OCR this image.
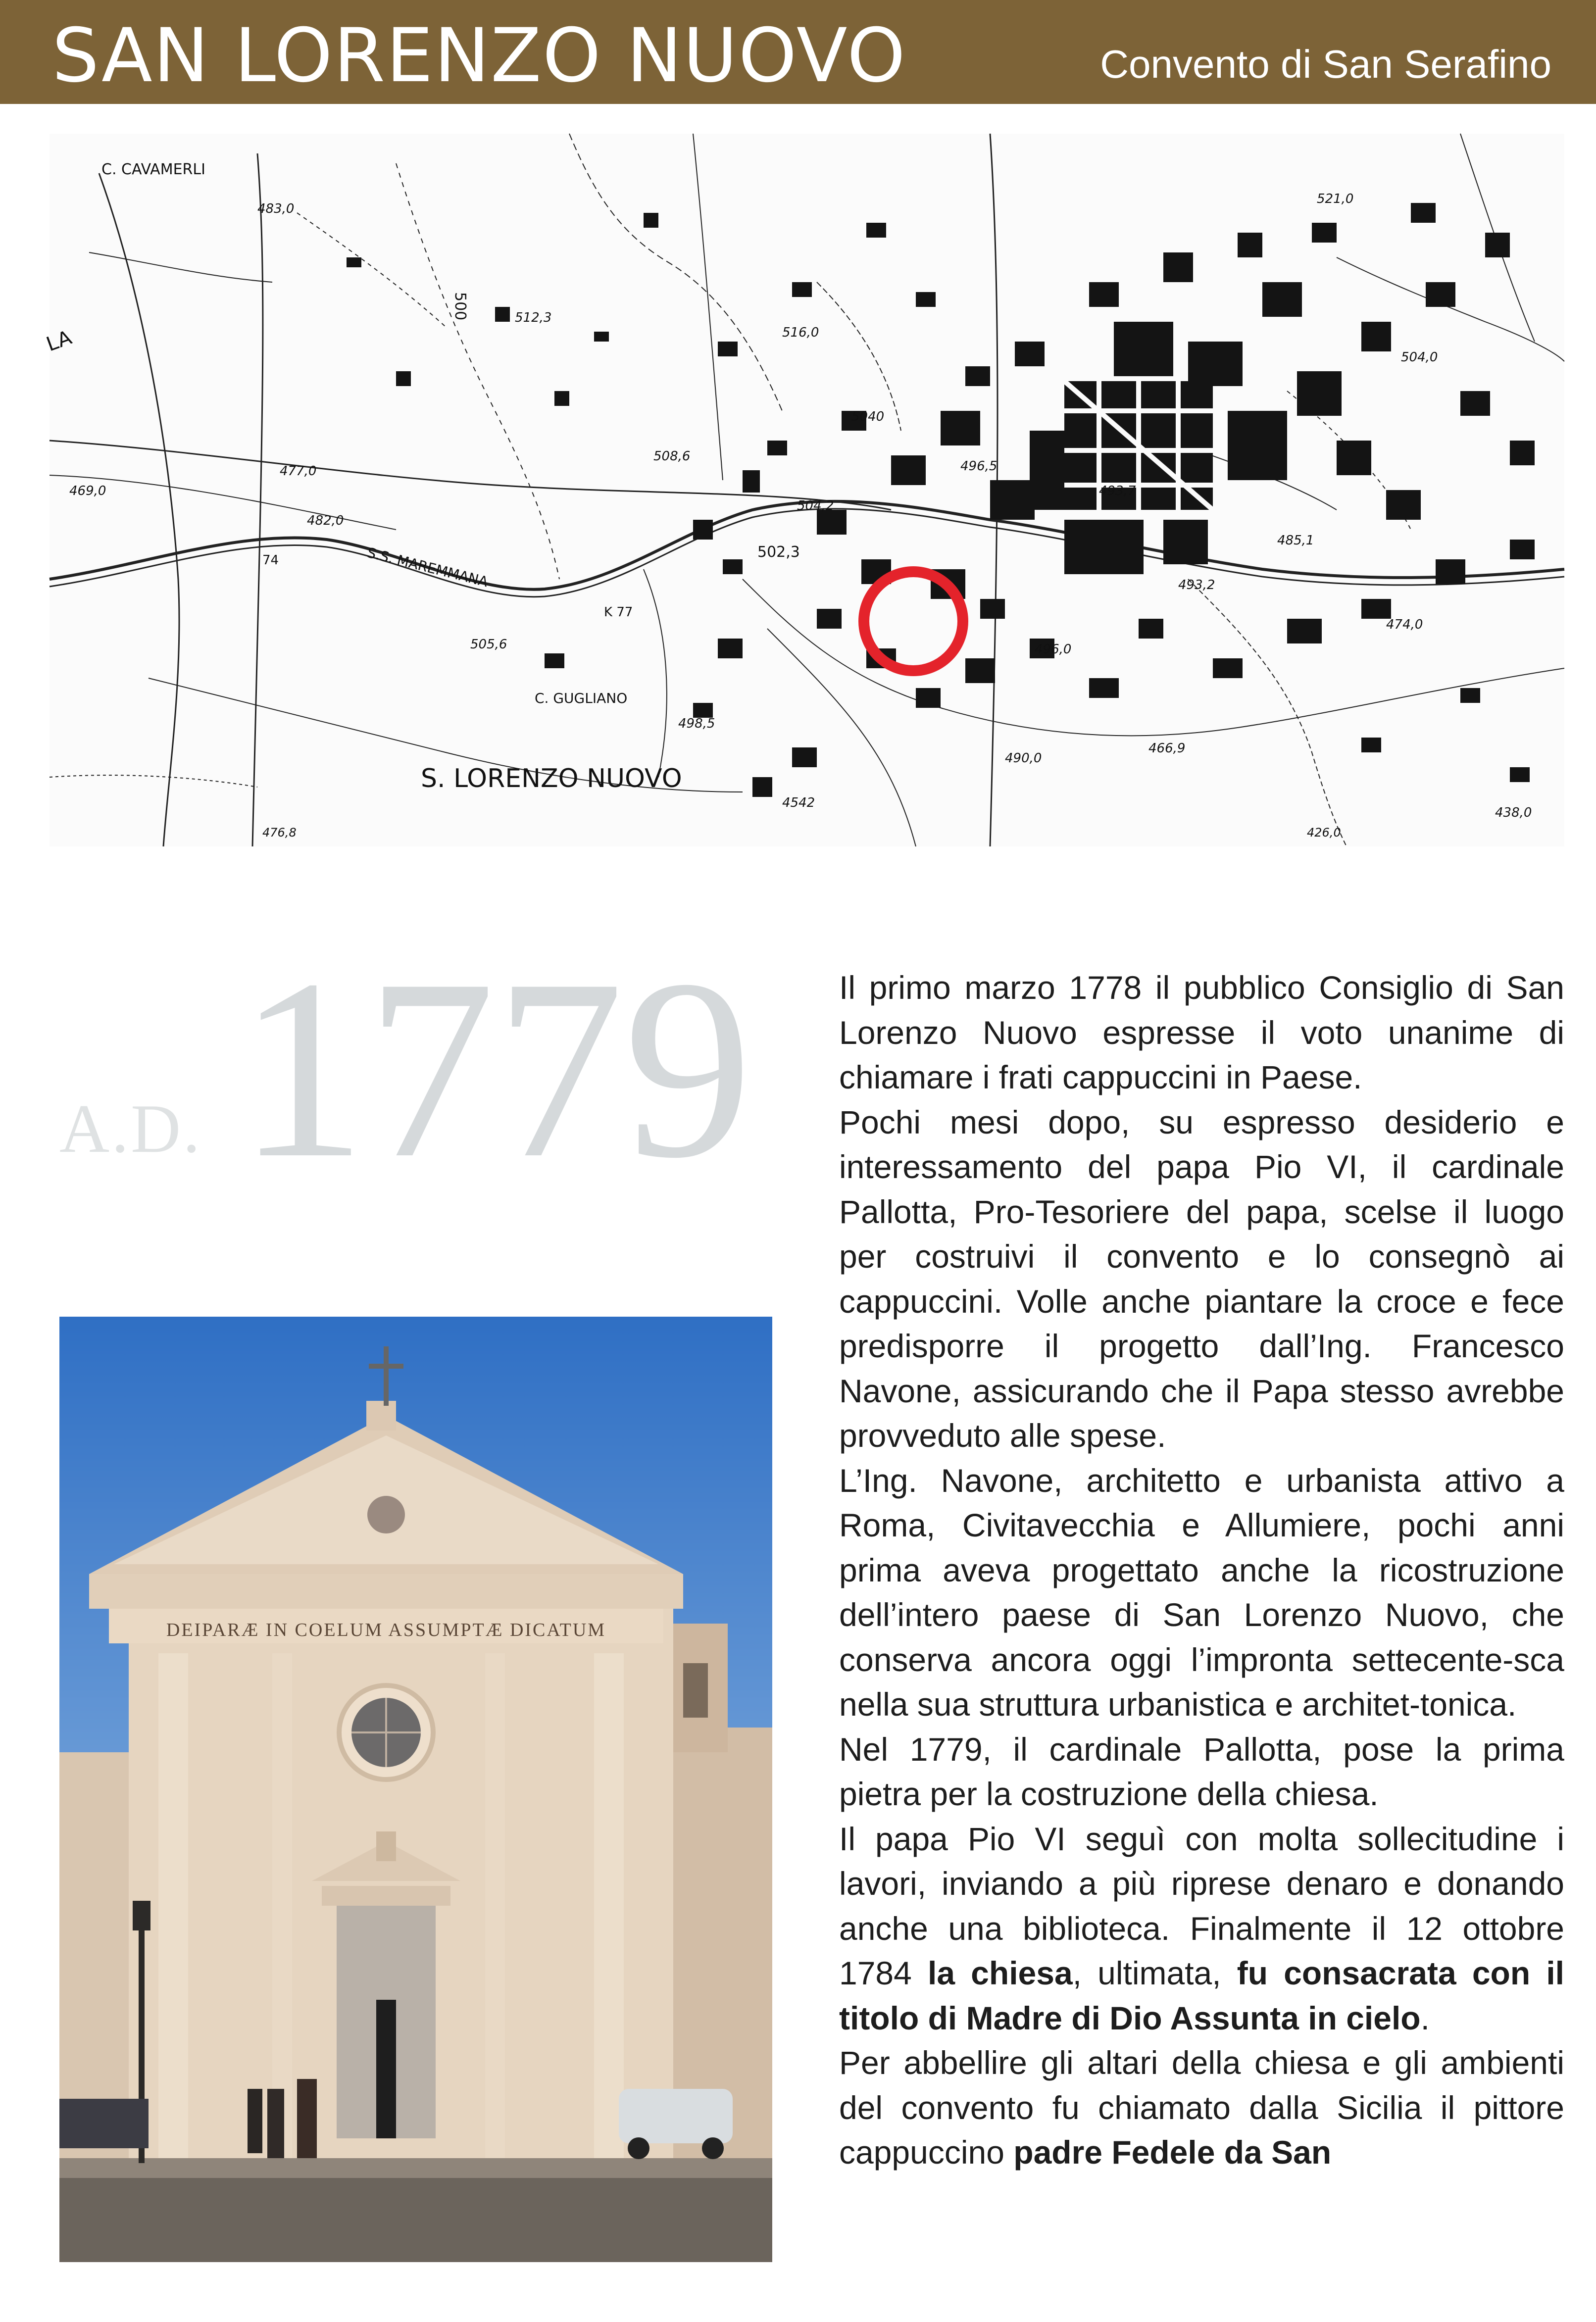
SAN LORENZO NUOVO	Convento di San Serafino
C. CAVAMERLI
483,0
500	512,3
516,0
521,0
504,0
5040
469,0
477,0
482,0
508,6
496,5
493,7
504,2
502,3
485,1
493,2
474,0
74	S.S. MAREMMANA
K 77
505,6	496,0
C. GUGLIANO
498,5
490,0
466,9
S. LORENZO NUOVO
4542
438,0
476,8	426,0
LA
A.D. 1779
DEIPARÆ IN COELUM ASSUMPTÆ DICATUM

Il primo marzo 1778 il pubblico Consiglio di San Lorenzo Nuovo espresse il voto unanime di chiamare i frati cappuccini in Paese.

Pochi mesi dopo, su espresso desiderio e interessamento del papa Pio VI, il cardinale Pallotta, Pro-Tesoriere del papa, scelse il luogo per costruivi il convento e lo consegnò ai cappuccini. Volle anche piantare la croce e fece predisporre il progetto dall’Ing. Francesco Navone, assicurando che il Papa stesso avrebbe provveduto alle spese.

L’Ing. Navone, architetto e urbanista attivo a Roma, Civitavecchia e Allumiere, pochi anni prima aveva progettato anche la ricostruzione dell’intero paese di San Lorenzo Nuovo, che conserva ancora oggi l’impronta settecente-sca nella sua struttura urbanistica e architet-tonica.

Nel 1779, il cardinale Pallotta, pose la prima pietra per la costruzione della chiesa.

Il papa Pio VI seguì con molta sollecitudine i lavori, inviando a più riprese denaro e donando anche una biblioteca. Finalmente il 12 ottobre 1784 la chiesa, ultimata, fu consacrata con il titolo di Madre di Dio Assunta in cielo.

Per abbellire gli altari della chiesa e gli ambienti del convento fu chiamato dalla Sicilia il pittore cappuccino padre Fedele da San
